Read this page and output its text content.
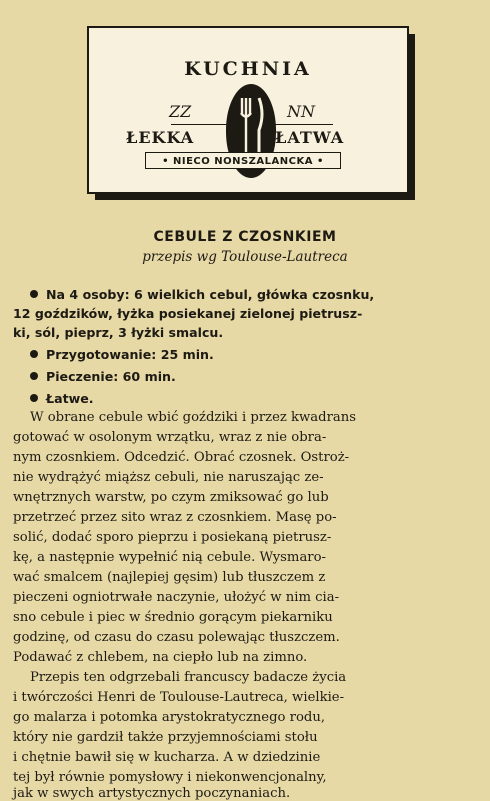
KUCHNIA
ZZ	NN
ŁEKKA	ŁATWA
• NIECO NONSZALANCKA •
CEBULE Z CZOSNKIEM
przepis wg Toulouse-Lautreca
Na 4 osoby: 6 wielkich cebul, główka czosnku,
12 goździków, łyżka posiekanej zielonej pietrusz-
ki, sól, pieprz, 3 łyżki smalcu.
Przygotowanie: 25 min.
Pieczenie: 60 min.
Łatwe.
W obrane cebule wbić goździki i przez kwadrans
gotować w osolonym wrzątku, wraz z nie obra-
nym czosnkiem. Odcedzić. Obrać czosnek. Ostroż-
nie wydrążyć miąższ cebuli, nie naruszając ze-
wnętrznych warstw, po czym zmiksować go lub
przetrzeć przez sito wraz z czosnkiem. Masę po-
solić, dodać sporo pieprzu i posiekaną pietrusz-
kę, a następnie wypełnić nią cebule. Wysmaro-
wać smalcem (najlepiej gęsim) lub tłuszczem z
pieczeni ogniotrwałe naczynie, ułożyć w nim cia-
sno cebule i piec w średnio gorącym piekarniku
godzinę, od czasu do czasu polewając tłuszczem.
Podawać z chlebem, na ciepło lub na zimno.
Przepis ten odgrzebali francuscy badacze życia
i twórczości Henri de Toulouse-Lautreca, wielkie-
go malarza i potomka arystokratycznego rodu,
który nie gardził także przyjemnościami stołu
i chętnie bawił się w kucharza. A w dziedzinie
tej był równie pomysłowy i niekonwencjonalny,
jak w swych artystycznych poczynaniach.
